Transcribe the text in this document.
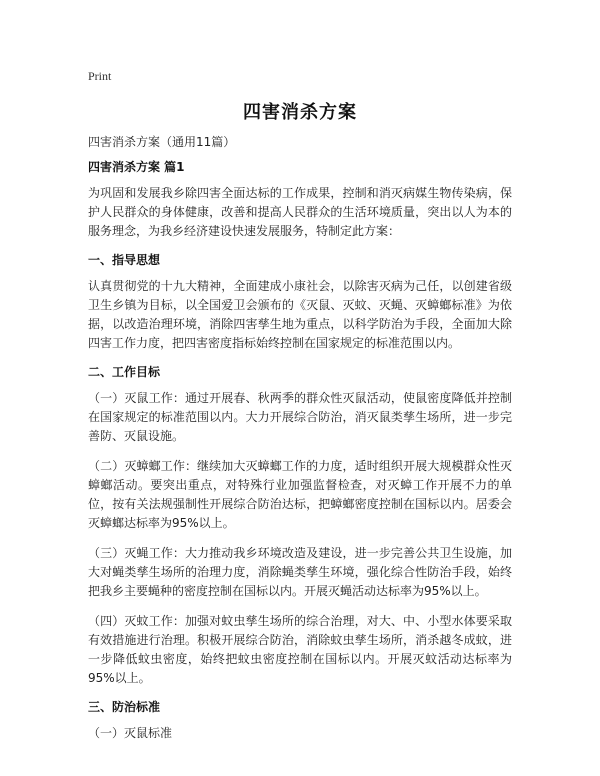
Print
四害消杀方案
四害消杀方案（通用11篇）
四害消杀方案 篇1
为巩固和发展我乡除四害全面达标的工作成果，控制和消灭病媒生物传染病，保护人民群众的身体健康，改善和提高人民群众的生活环境质量，突出以人为本的服务理念，为我乡经济建设快速发展服务，特制定此方案：
一、指导思想
认真贯彻党的十九大精神，全面建成小康社会，以除害灭病为己任，以创建省级卫生乡镇为目标，以全国爱卫会颁布的《灭鼠、灭蚊、灭蝇、灭蟑螂标准》为依据，以改造治理环境，消除四害孳生地为重点，以科学防治为手段，全面加大除四害工作力度，把四害密度指标始终控制在国家规定的标准范围以内。
二、工作目标
（一）灭鼠工作：通过开展春、秋两季的群众性灭鼠活动，使鼠密度降低并控制在国家规定的标准范围以内。大力开展综合防治，消灭鼠类孳生场所，进一步完善防、灭鼠设施。
（二）灭蟑螂工作：继续加大灭蟑螂工作的力度，适时组织开展大规模群众性灭蟑螂活动。要突出重点，对特殊行业加强监督检查，对灭蟑工作开展不力的单位，按有关法规强制性开展综合防治达标，把蟑螂密度控制在国标以内。居委会灭蟑螂达标率为95%以上。
（三）灭蝇工作：大力推动我乡环境改造及建设，进一步完善公共卫生设施，加大对蝇类孳生场所的治理力度，消除蝇类孳生环境，强化综合性防治手段，始终把我乡主要蝇种的密度控制在国标以内。开展灭蝇活动达标率为95%以上。
（四）灭蚊工作：加强对蚊虫孳生场所的综合治理，对大、中、小型水体要采取有效措施进行治理。积极开展综合防治，消除蚊虫孳生场所，消杀越冬成蚊，进一步降低蚊虫密度，始终把蚊虫密度控制在国标以内。开展灭蚊活动达标率为95%以上。
三、防治标准
（一）灭鼠标准
